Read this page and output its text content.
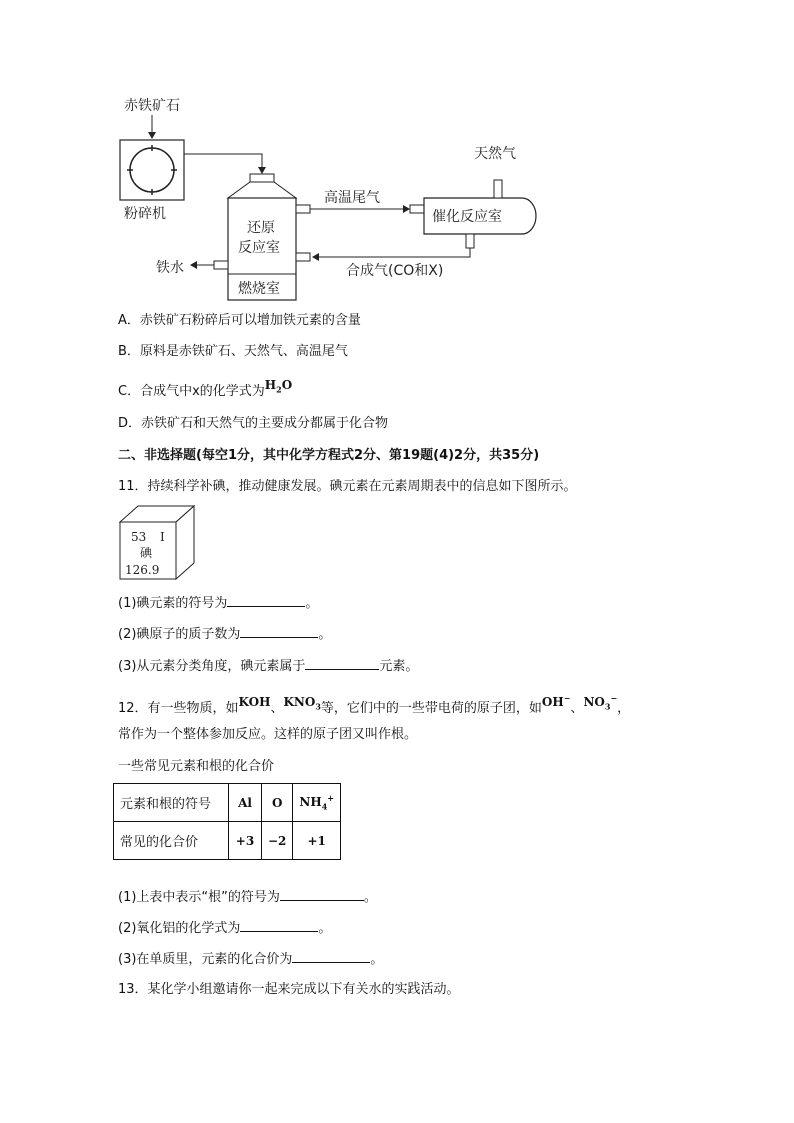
赤铁矿石
粉碎机
还原
反应室
燃烧室
天然气
高温尾气
催化反应室
合成气(CO和X)
铁水
A．赤铁矿石粉碎后可以增加铁元素的含量
B．原料是赤铁矿石、天然气、高温尾气
C．合成气中x的化学式为$H_2O$
D．赤铁矿石和天然气的主要成分都属于化合物
二、非选择题(每空1分，其中化学方程式2分、第19题(4)2分，共35分)
11．持续科学补碘，推动健康发展。碘元素在元素周期表中的信息如下图所示。
53 I
碘
126.9
(1)碘元素的符号为	。
(2)碘原子的质子数为	。
(3)从元素分类角度，碘元素属于	元素。
12．有一些物质，如KOH、$KNO_3$等，它们中的一些带电荷的原子团，如OH−、$NO_3^-$，
常作为一个整体参加反应。这样的原子团又叫作根。
一些常见元素和根的化合价
元素和根的符号	Al	O	$NH_4^+$
常见的化合价	+3	−2	+1
(1)上表中表示“根”的符号为	。
(2)氧化铝的化学式为	。
(3)在单质里，元素的化合价为	。
13．某化学小组邀请你一起来完成以下有关水的实践活动。
